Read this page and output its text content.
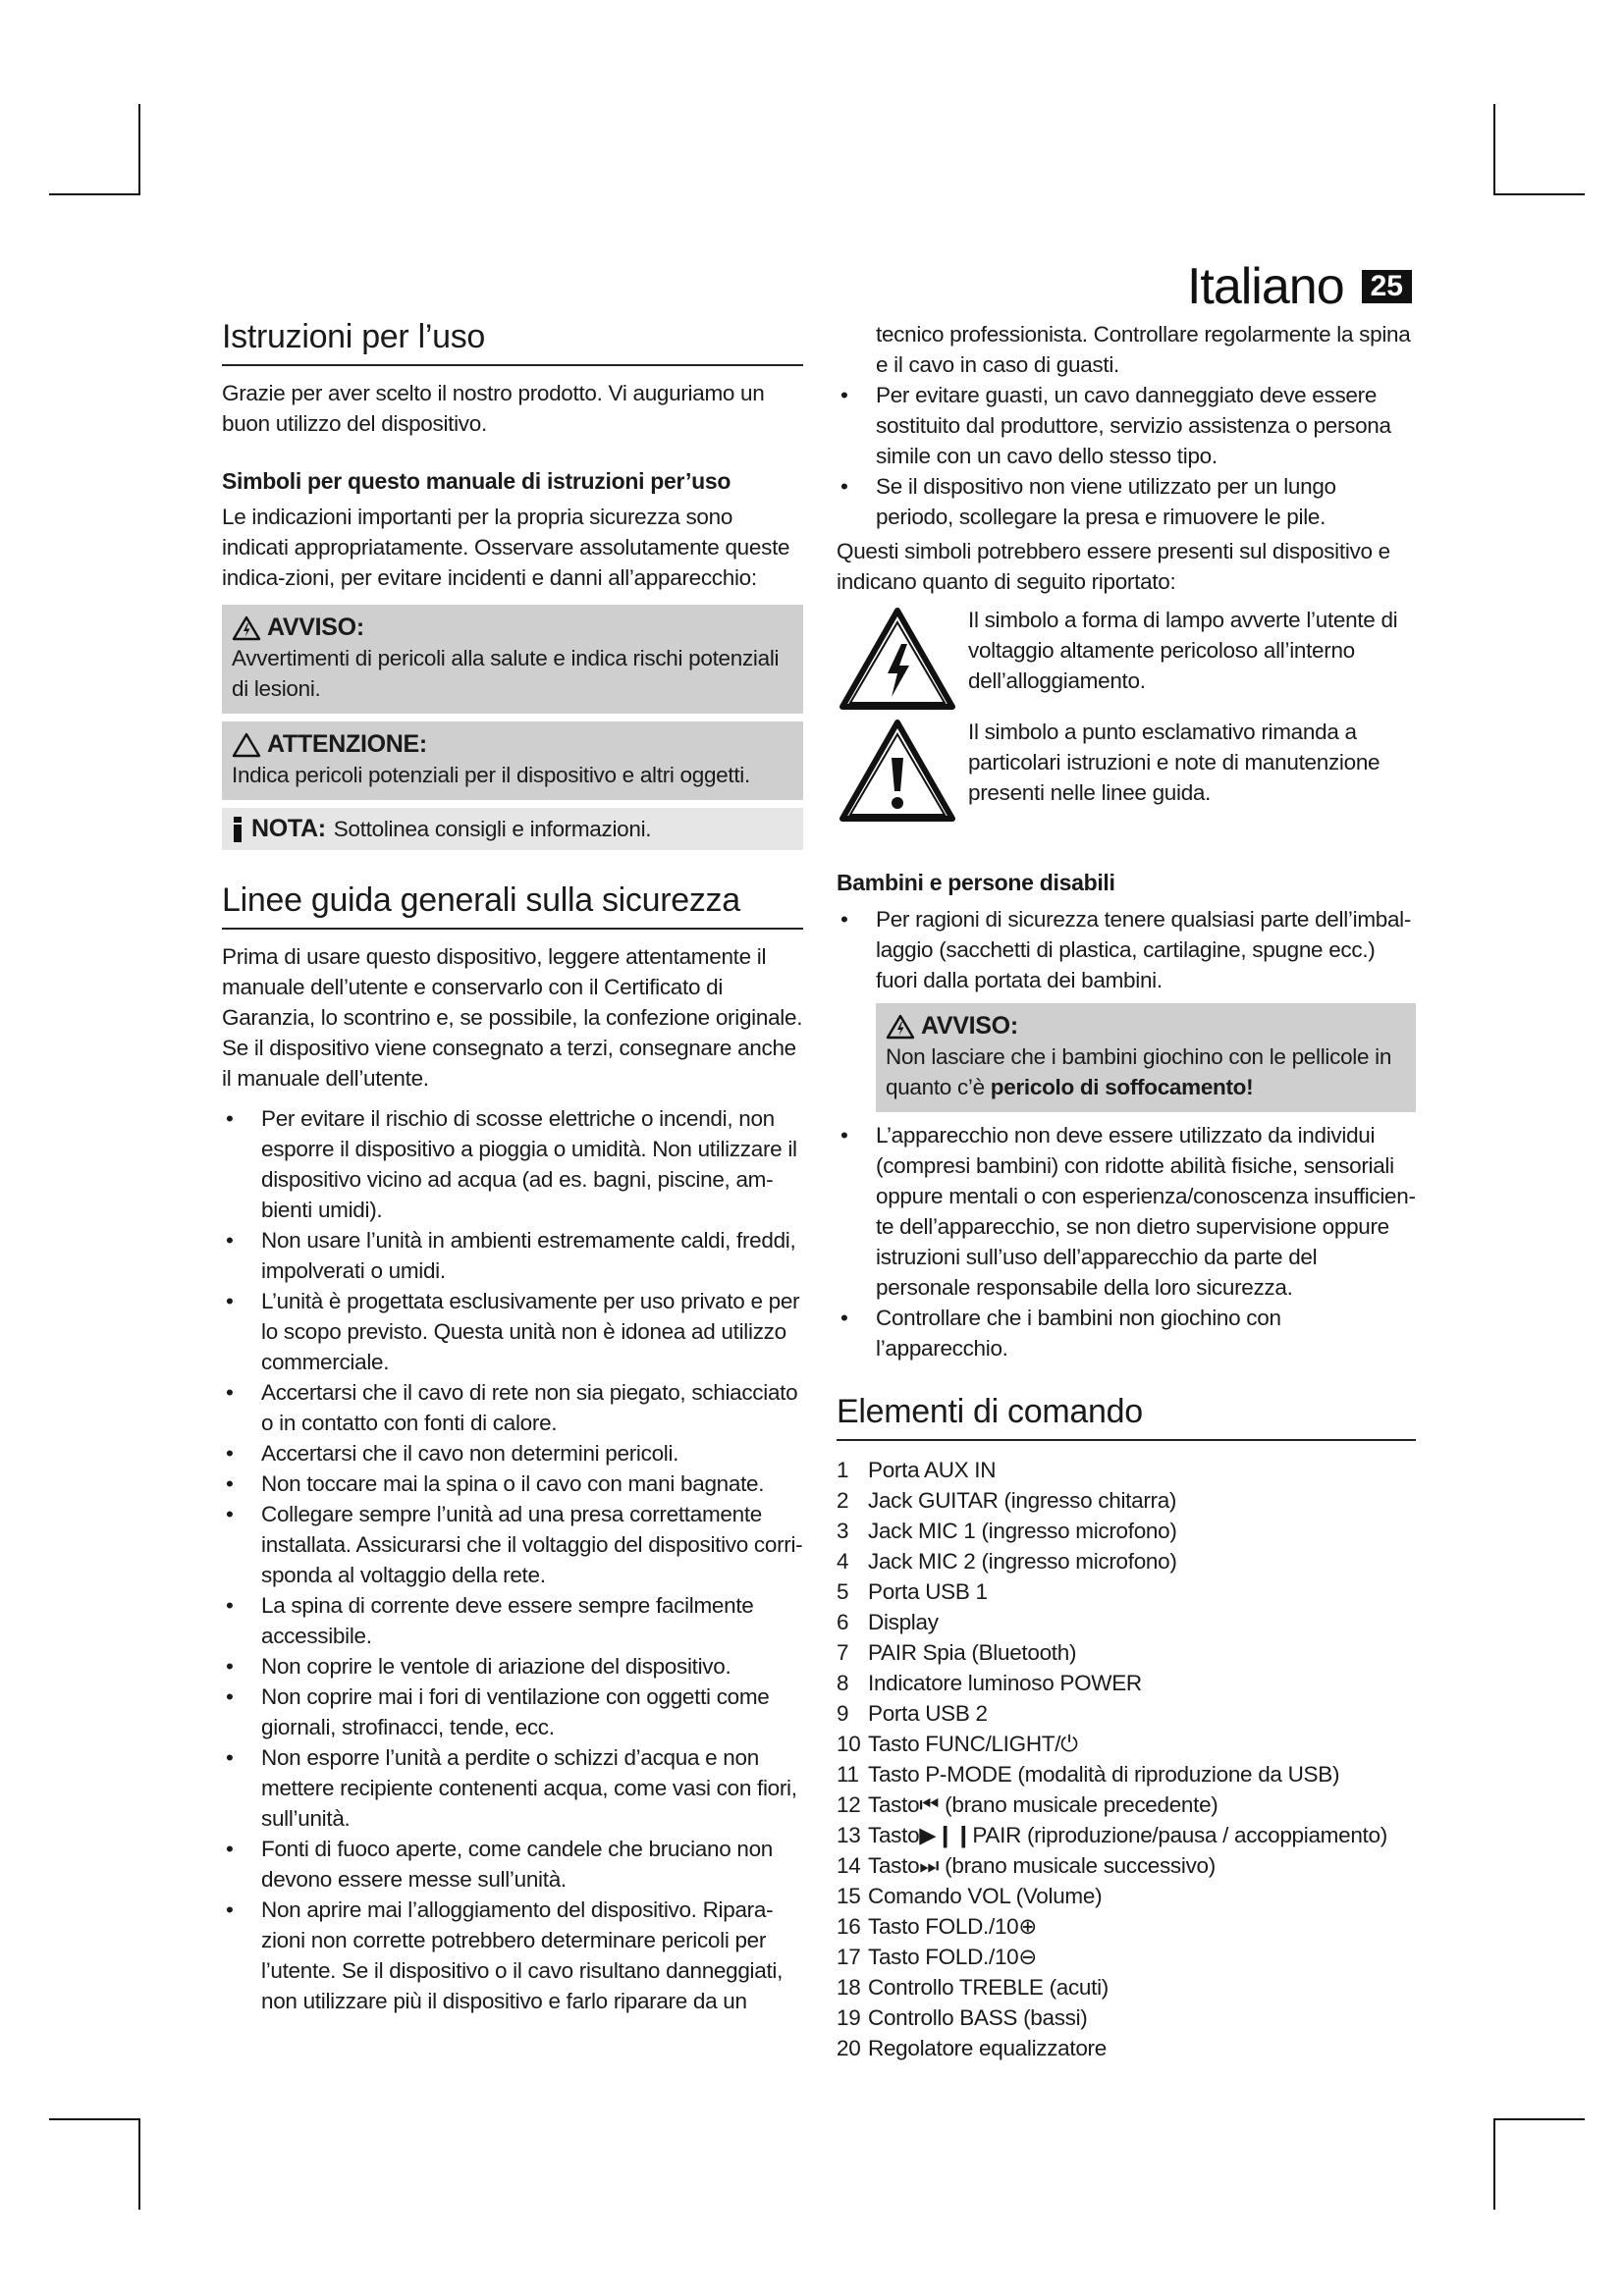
Italiano 25
Istruzioni per l’uso

Grazie per aver scelto il nostro prodotto. Vi auguriamo un buon utilizzo del dispositivo.

Simboli per questo manuale di istruzioni per’uso

Le indicazioni importanti per la propria sicurezza sono indicati appropriatamente. Osservare assolutamente queste indica-zioni, per evitare incidenti e danni all’apparecchio:

AVVISO:
Avvertimenti di pericoli alla salute e indica rischi potenziali di lesioni.
ATTENZIONE:
Indica pericoli potenziali per il dispositivo e altri oggetti.
NOTA: Sottolinea consigli e informazioni.
Linee guida generali sulla sicurezza

Prima di usare questo dispositivo, leggere attentamente il manuale dell’utente e conservarlo con il Certificato di Garanzia, lo scontrino e, se possibile, la confezione originale. Se il dispositivo viene consegnato a terzi, consegnare anche il manuale dell’utente.

• Per evitare il rischio di scosse elettriche o incendi, non esporre il dispositivo a pioggia o umidità. Non utilizzare il dispositivo vicino ad acqua (ad es. bagni, piscine, am-bienti umidi).
• Non usare l’unità in ambienti estremamente caldi, freddi, impolverati o umidi.
• L’unità è progettata esclusivamente per uso privato e per lo scopo previsto. Questa unità non è idonea ad utilizzo commerciale.
• Accertarsi che il cavo di rete non sia piegato, schiacciato o in contatto con fonti di calore.
• Accertarsi che il cavo non determini pericoli.
• Non toccare mai la spina o il cavo con mani bagnate.
• Collegare sempre l’unità ad una presa correttamente installata. Assicurarsi che il voltaggio del dispositivo corri-sponda al voltaggio della rete.
• La spina di corrente deve essere sempre facilmente accessibile.
• Non coprire le ventole di ariazione del dispositivo.
• Non coprire mai i fori di ventilazione con oggetti come giornali, strofinacci, tende, ecc.
• Non esporre l’unità a perdite o schizzi d’acqua e non mettere recipiente contenenti acqua, come vasi con fiori, sull’unità.
• Fonti di fuoco aperte, come candele che bruciano non devono essere messe sull’unità.
• Non aprire mai l’alloggiamento del dispositivo. Ripara-zioni non corrette potrebbero determinare pericoli per l’utente. Se il dispositivo o il cavo risultano danneggiati, non utilizzare più il dispositivo e farlo riparare da un

tecnico professionista. Controllare regolarmente la spina e il cavo in caso di guasti.

• Per evitare guasti, un cavo danneggiato deve essere sostituito dal produttore, servizio assistenza o persona simile con un cavo dello stesso tipo.
• Se il dispositivo non viene utilizzato per un lungo periodo, scollegare la presa e rimuovere le pile.

Questi simboli potrebbero essere presenti sul dispositivo e indicano quanto di seguito riportato:

Il simbolo a forma di lampo avverte l’utente di voltaggio altamente pericoloso all’interno dell’alloggiamento.
Il simbolo a punto esclamativo rimanda a particolari istruzioni e note di manutenzione presenti nelle linee guida.
Bambini e persone disabili
• Per ragioni di sicurezza tenere qualsiasi parte dell’imbal-laggio (sacchetti di plastica, cartilagine, spugne ecc.) fuori dalla portata dei bambini.
AVVISO:
Non lasciare che i bambini giochino con le pellicole in quanto c’è pericolo di soffocamento!
• L’apparecchio non deve essere utilizzato da individui (compresi bambini) con ridotte abilità fisiche, sensoriali oppure mentali o con esperienza/conoscenza insufficien-te dell’apparecchio, se non dietro supervisione oppure istruzioni sull’uso dell’apparecchio da parte del personale responsabile della loro sicurezza.
• Controllare che i bambini non giochino con l’apparecchio.
Elementi di comando
1 Porta AUX IN
2 Jack GUITAR (ingresso chitarra)
3 Jack MIC 1 (ingresso microfono)
4 Jack MIC 2 (ingresso microfono)
5 Porta USB 1
6 Display
7 PAIR Spia (Bluetooth)
8 Indicatore luminoso POWER
9 Porta USB 2
10 Tasto FUNC/LIGHT/⏻
11 Tasto P-MODE (modalità di riproduzione da USB)
12 Tasto⏮ (brano musicale precedente)
13 Tasto▶❙❙PAIR (riproduzione/pausa / accoppiamento)
14 Tasto⏭ (brano musicale successivo)
15 Comando VOL (Volume)
16 Tasto FOLD./10⊕
17 Tasto FOLD./10⊖
18 Controllo TREBLE (acuti)
19 Controllo BASS (bassi)
20 Regolatore equalizzatore
